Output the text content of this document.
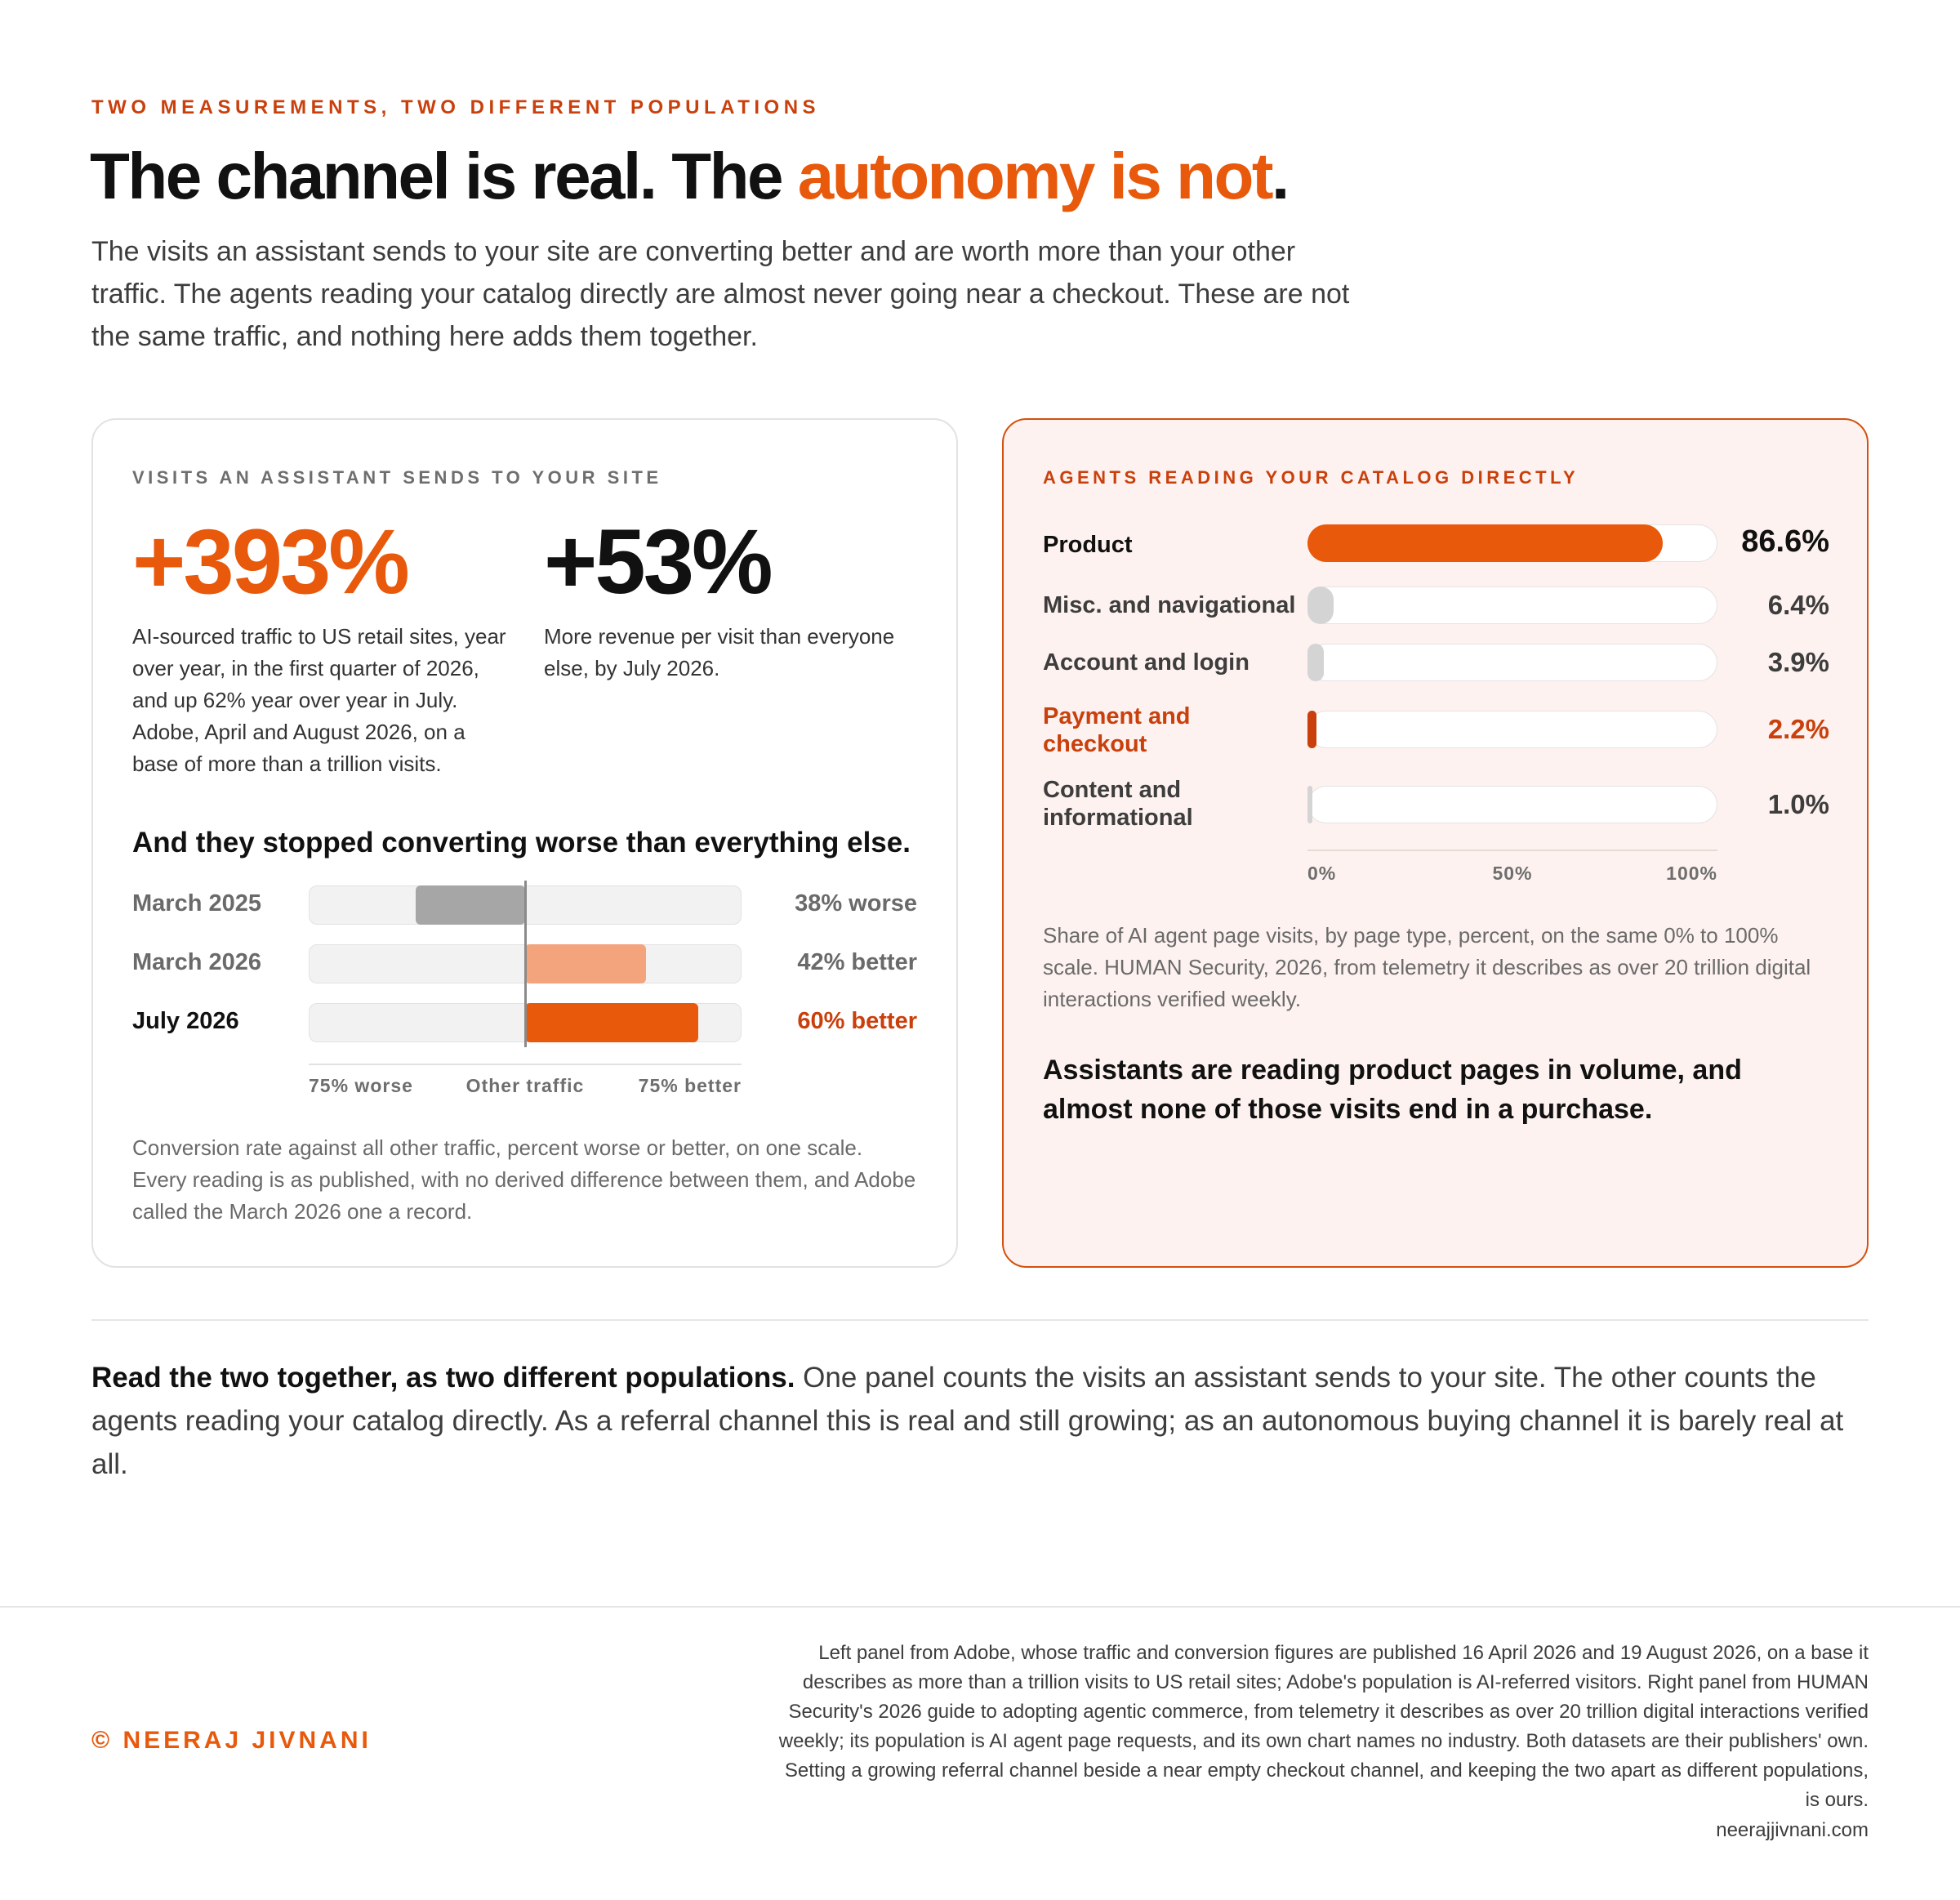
TWO MEASUREMENTS, TWO DIFFERENT POPULATIONS
The channel is real. The autonomy is not.
The visits an assistant sends to your site are converting better and are worth more than your other traffic. The agents reading your catalog directly are almost never going near a checkout. These are not the same traffic, and nothing here adds them together.
VISITS AN ASSISTANT SENDS TO YOUR SITE
+393%
AI-sourced traffic to US retail sites, year over year, in the first quarter of 2026, and up 62% year over year in July. Adobe, April and August 2026, on a base of more than a trillion visits.
+53%
More revenue per visit than everyone else, by July 2026.
And they stopped converting worse than everything else.
March 2025	38% worse
March 2026	42% better
July 2026	60% better
75% worse	Other traffic	75% better
Conversion rate against all other traffic, percent worse or better, on one scale. Every reading is as published, with no derived difference between them, and Adobe called the March 2026 one a record.
AGENTS READING YOUR CATALOG DIRECTLY
Product	86.6%
Misc. and navigational	6.4%
Account and login	3.9%
Payment and checkout	2.2%
Content and informational	1.0%
0%	50%	100%
Share of AI agent page visits, by page type, percent, on the same 0% to 100% scale. HUMAN Security, 2026, from telemetry it describes as over 20 trillion digital interactions verified weekly.
Assistants are reading product pages in volume, and almost none of those visits end in a purchase.
Read the two together, as two different populations. One panel counts the visits an assistant sends to your site. The other counts the agents reading your catalog directly. As a referral channel this is real and still growing; as an autonomous buying channel it is barely real at all.
© NEERAJ JIVNANI
Left panel from Adobe, whose traffic and conversion figures are published 16 April 2026 and 19 August 2026, on a base it describes as more than a trillion visits to US retail sites; Adobe's population is AI-referred visitors. Right panel from HUMAN Security's 2026 guide to adopting agentic commerce, from telemetry it describes as over 20 trillion digital interactions verified weekly; its population is AI agent page requests, and its own chart names no industry. Both datasets are their publishers' own. Setting a growing referral channel beside a near empty checkout channel, and keeping the two apart as different populations, is ours.
neerajjivnani.com
